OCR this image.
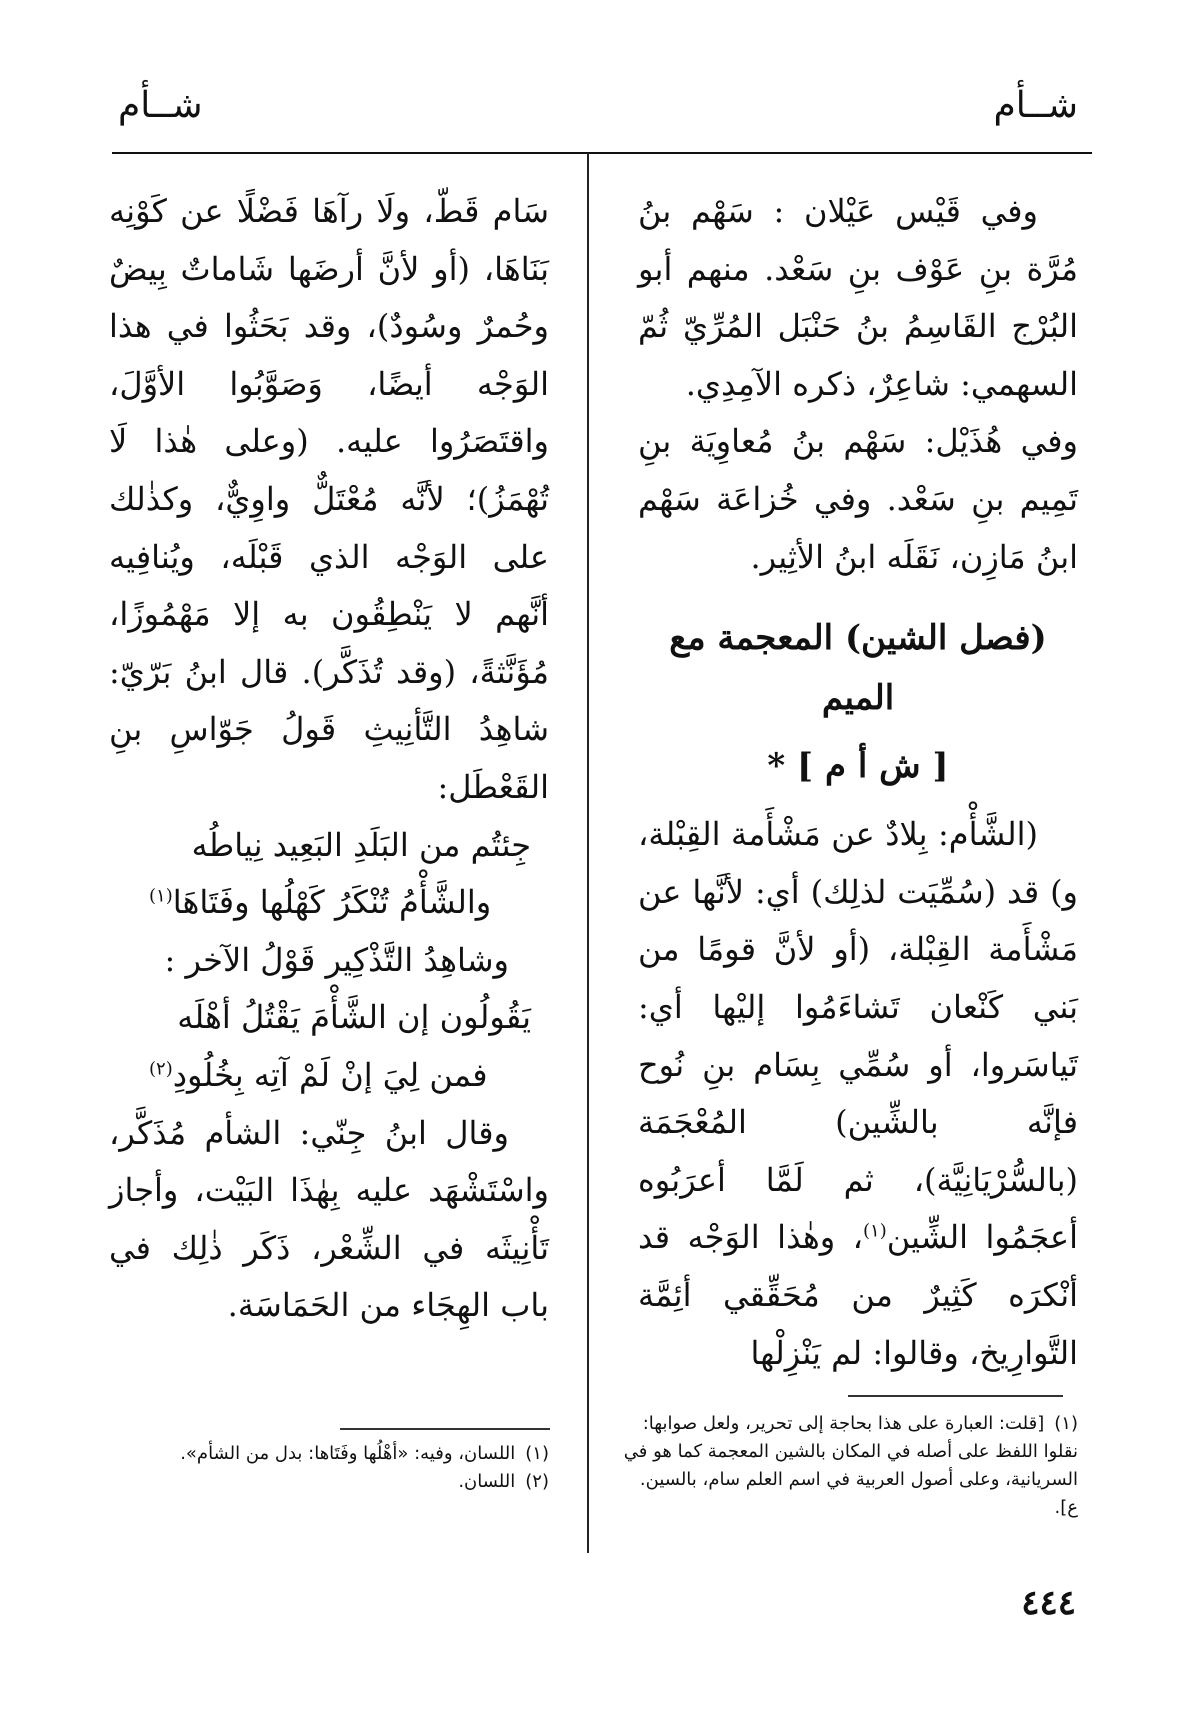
شــأم
شــأم

وفي قَيْس عَيْلان : سَهْم بنُ مُرَّة بنِ عَوْف بنِ سَعْد. منهم أبو البُرْج القَاسِمُ بنُ حَنْبَل المُرِّيّ ثُمّ السهمي: شاعِرٌ، ذكره الآمِدِي.

وفي هُذَيْل: سَهْم بنُ مُعاوِيَة بنِ تَمِيم بنِ سَعْد. وفي خُزاعَة سَهْم ابنُ مَازِن، نَقَلَه ابنُ الأثِير.

(فصل الشين) المعجمة مع الميم

[ ش أ م ] *

(الشَّأْم: بِلادٌ عن مَشْأَمة القِبْلة، و) قد (سُمِّيَت لذلِك) أي: لأنَّها عن مَشْأَمة القِبْلة، (أو لأنَّ قومًا من بَني كَنْعان تَشاءَمُوا إليْها أي: تَياسَروا، أو سُمِّي بِسَام بنِ نُوح فإنَّه بالشِّين) المُعْجَمَة (بالسُّرْيَانِيَّة)، ثم لَمَّا أعرَبُوه أعجَمُوا الشِّين$^{(١)}$، وهٰذا الوَجْه قد أنْكرَه كَثِيرٌ من مُحَقِّقي أئِمَّة التَّوارِيخ، وقالوا: لم يَنْزِلْها

سَام قَطّ، ولَا رآهَا فَضْلًا عن كَوْنِه بَنَاهَا، (أو لأنَّ أرضَها شَاماتٌ بِيضٌ وحُمرٌ وسُودٌ)، وقد بَحَثُوا في هذا الوَجْه أيضًا، وَصَوَّبُوا الأوَّلَ، واقتَصَرُوا عليه. (وعلى هٰذا لَا تُهْمَزُ)؛ لأنَّه مُعْتَلٌّ واوِيٌّ، وكذٰلك على الوَجْه الذي قَبْلَه، ويُنافِيه أنَّهم لا يَنْطِقُون به إلا مَهْمُوزًا، مُؤَنَّثةً، (وقد تُذَكَّر). قال ابنُ بَرّيّ: شاهِدُ التَّأنِيثِ قَولُ جَوّاسِ بنِ القَعْطَل:

جِئتُم من البَلَدِ البَعِيد نِياطُه

والشَّأْمُ تُنْكَرُ كَهْلُها وفَتَاهَا$^{(١)}$

وشاهِدُ التَّذْكِير قَوْلُ الآخر :

يَقُولُون إن الشَّأْمَ يَقْتُلُ أهْلَه

فمن لِيَ إنْ لَمْ آتِه بِخُلُودِ$^{(٢)}$

وقال ابنُ جِنّي: الشأم مُذَكَّر، واسْتَشْهَد عليه بِهٰذَا البَيْت، وأجاز تَأْنِيثَه في الشِّعْر، ذَكَر ذٰلِك في باب الهِجَاء من الحَمَاسَة.

(١)[قلت: العبارة على هذا بحاجة إلى تحرير، ولعل صوابها: نقلوا اللفظ على أصله في المكان بالشين المعجمة كما هو في السريانية، وعلى أصول العربية في اسم العلم سام، بالسين. ع].

(١)اللسان، وفيه: «أهْلُها وفَتَاها: بدل من الشأم».

(٢)اللسان.

٤٤٤
